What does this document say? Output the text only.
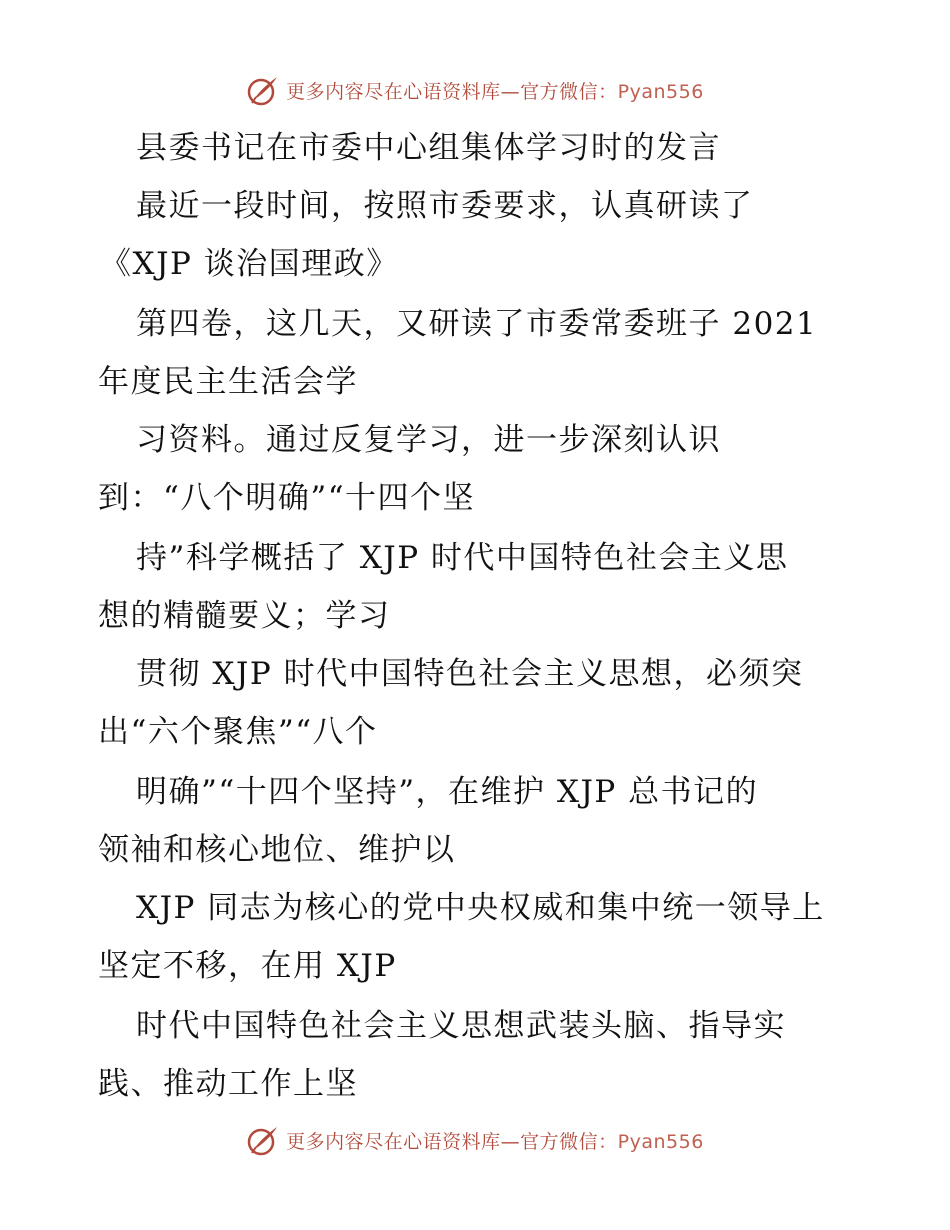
更多内容尽在心语资料库—官方微信：Pyan556
县委书记在市委中心组集体学习时的发言
最近一段时间，按照市委要求，认真研读了
《XJP 谈治国理政》
第四卷，这几天，又研读了市委常委班子 2021
年度民主生活会学
习资料。通过反复学习，进一步深刻认识
到：“八个明确”“十四个坚
持”科学概括了 XJP 时代中国特色社会主义思
想的精髓要义；学习
贯彻 XJP 时代中国特色社会主义思想，必须突
出“六个聚焦”“八个
明确”“十四个坚持”，在维护 XJP 总书记的
领袖和核心地位、维护以
XJP 同志为核心的党中央权威和集中统一领导上
坚定不移，在用 XJP
时代中国特色社会主义思想武装头脑、指导实
践、推动工作上坚
更多内容尽在心语资料库—官方微信：Pyan556
